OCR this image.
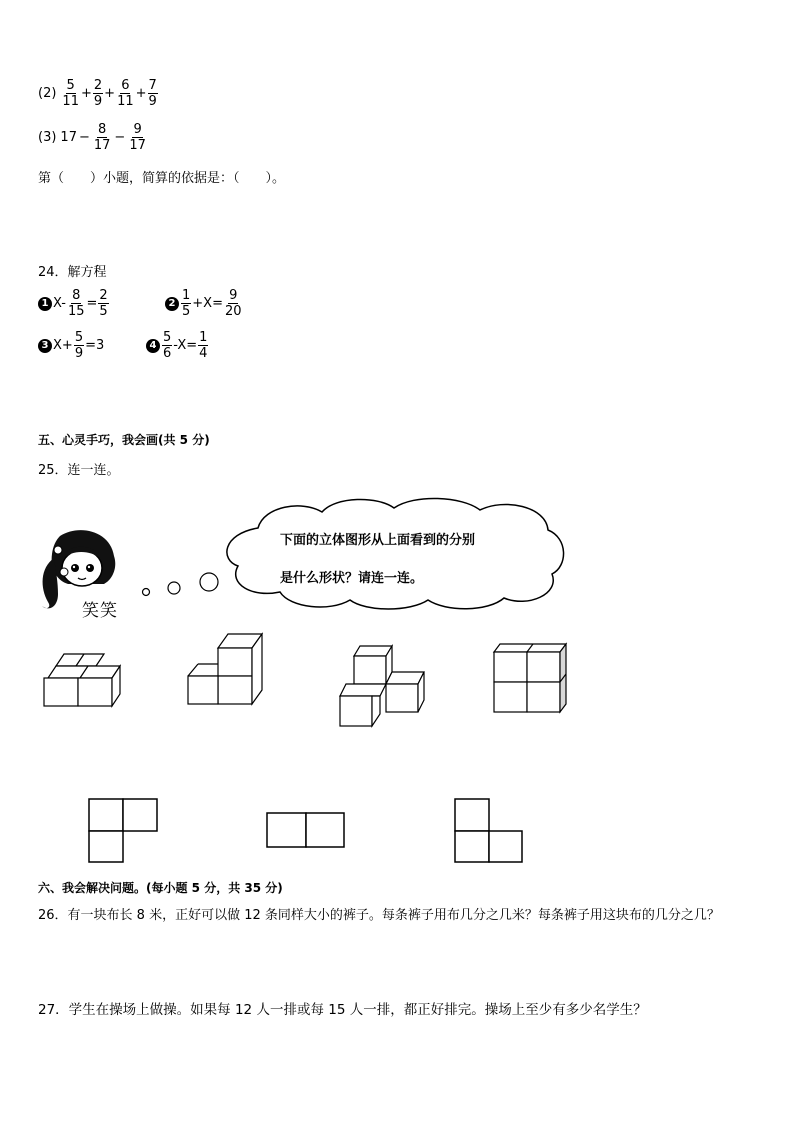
$(2) \frac{5}{11} + \frac{2}{9} + \frac{6}{11} + \frac{7}{9}$
(3) $17 - \frac{8}{17} - \frac{9}{17}$
第（　　）小题，简算的依据是：（　　）。
24．解方程
1 $X- \frac{8}{15} = \frac{2}{5}$	$2 \frac{1}{5} +X= \frac{9}{20}$
3 $X+ \frac{5}{9} =3$	$4 \frac{5}{6} -X= \frac{1}{4}$
五、心灵手巧，我会画(共 5 分)
25．连一连。
笑笑
下面的立体图形从上面看到的分别
是什么形状？请连一连。
六、我会解决问题。(每小题 5 分，共 35 分)
26．有一块布长 8 米，正好可以做 12 条同样大小的裤子。每条裤子用布几分之几米？每条裤子用这块布的几分之几？
27．学生在操场上做操。如果每 12 人一排或每 15 人一排，都正好排完。操场上至少有多少名学生？
